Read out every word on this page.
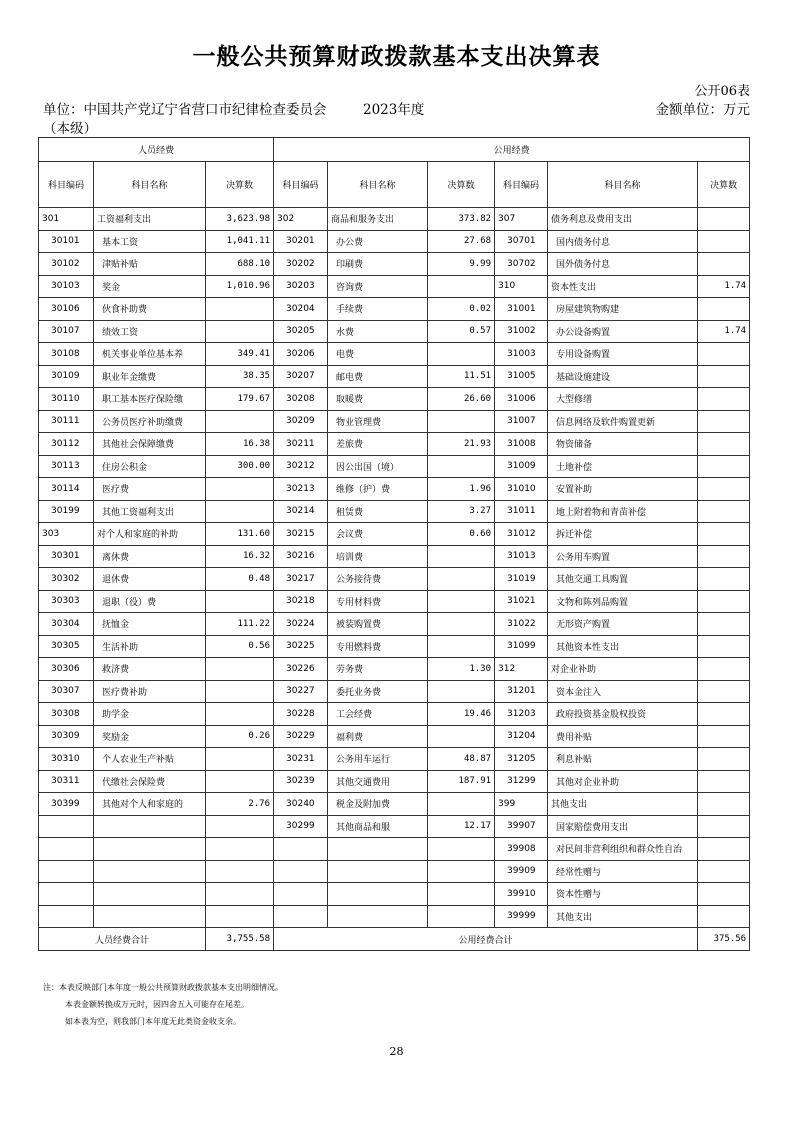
一般公共预算财政拨款基本支出决算表
公开06表
单位：中国共产党辽宁省营口市纪律检查委员会
（本级）
2023年度	金额单位：万元
人员经费			公用经费					
科目编码	科目名称	决算数	科目编码	科目名称	决算数	科目编码	科目名称	决算数
301	工资福利支出	3,623.98	302	商品和服务支出	373.82	307	债务利息及费用支出	
30101	基本工资	1,041.11	30201	办公费	27.68	30701	国内债务付息	
30102	津贴补贴	688.10	30202	印刷费	9.99	30702	国外债务付息	
30103	奖金	1,010.96	30203	咨询费		310	资本性支出	1.74
30106	伙食补助费		30204	手续费	0.02	31001	房屋建筑物购建	
30107	绩效工资		30205	水费	0.57	31002	办公设备购置	1.74
30108	机关事业单位基本养	349.41	30206	电费		31003	专用设备购置	
30109	职业年金缴费	38.35	30207	邮电费	11.51	31005	基础设施建设	
30110	职工基本医疗保险缴	179.67	30208	取暖费	26.60	31006	大型修缮	
30111	公务员医疗补助缴费		30209	物业管理费		31007	信息网络及软件购置更新	
30112	其他社会保障缴费	16.38	30211	差旅费	21.93	31008	物资储备	
30113	住房公积金	300.00	30212	因公出国（境）		31009	土地补偿	
30114	医疗费		30213	维修（护）费	1.96	31010	安置补助	
30199	其他工资福利支出		30214	租赁费	3.27	31011	地上附着物和青苗补偿	
303	对个人和家庭的补助	131.60	30215	会议费	0.60	31012	拆迁补偿	
30301	离休费	16.32	30216	培训费		31013	公务用车购置	
30302	退休费	0.48	30217	公务接待费		31019	其他交通工具购置	
30303	退职（役）费		30218	专用材料费		31021	文物和陈列品购置	
30304	抚恤金	111.22	30224	被装购置费		31022	无形资产购置	
30305	生活补助	0.56	30225	专用燃料费		31099	其他资本性支出	
30306	救济费		30226	劳务费	1.30	312	对企业补助	
30307	医疗费补助		30227	委托业务费		31201	资本金注入	
30308	助学金		30228	工会经费	19.46	31203	政府投资基金股权投资	
30309	奖励金	0.26	30229	福利费		31204	费用补贴	
30310	个人农业生产补贴		30231	公务用车运行	48.87	31205	利息补贴	
30311	代缴社会保险费		30239	其他交通费用	187.91	31299	其他对企业补助	
30399	其他对个人和家庭的	2.76	30240	税金及附加费		399	其他支出	
			30299	其他商品和服	12.17	39907	国家赔偿费用支出	
						39908	对民间非营利组织和群众性自治	
						39909	经常性赠与	
						39910	资本性赠与	
						39999	其他支出	
人员经费合计		3,755.58	公用经费合计					375.56
注：本表反映部门本年度一般公共预算财政拨款基本支出明细情况。
本表金额转换成万元时，因四舍五入可能存在尾差。
如本表为空，则我部门本年度无此类资金收支余。
28
